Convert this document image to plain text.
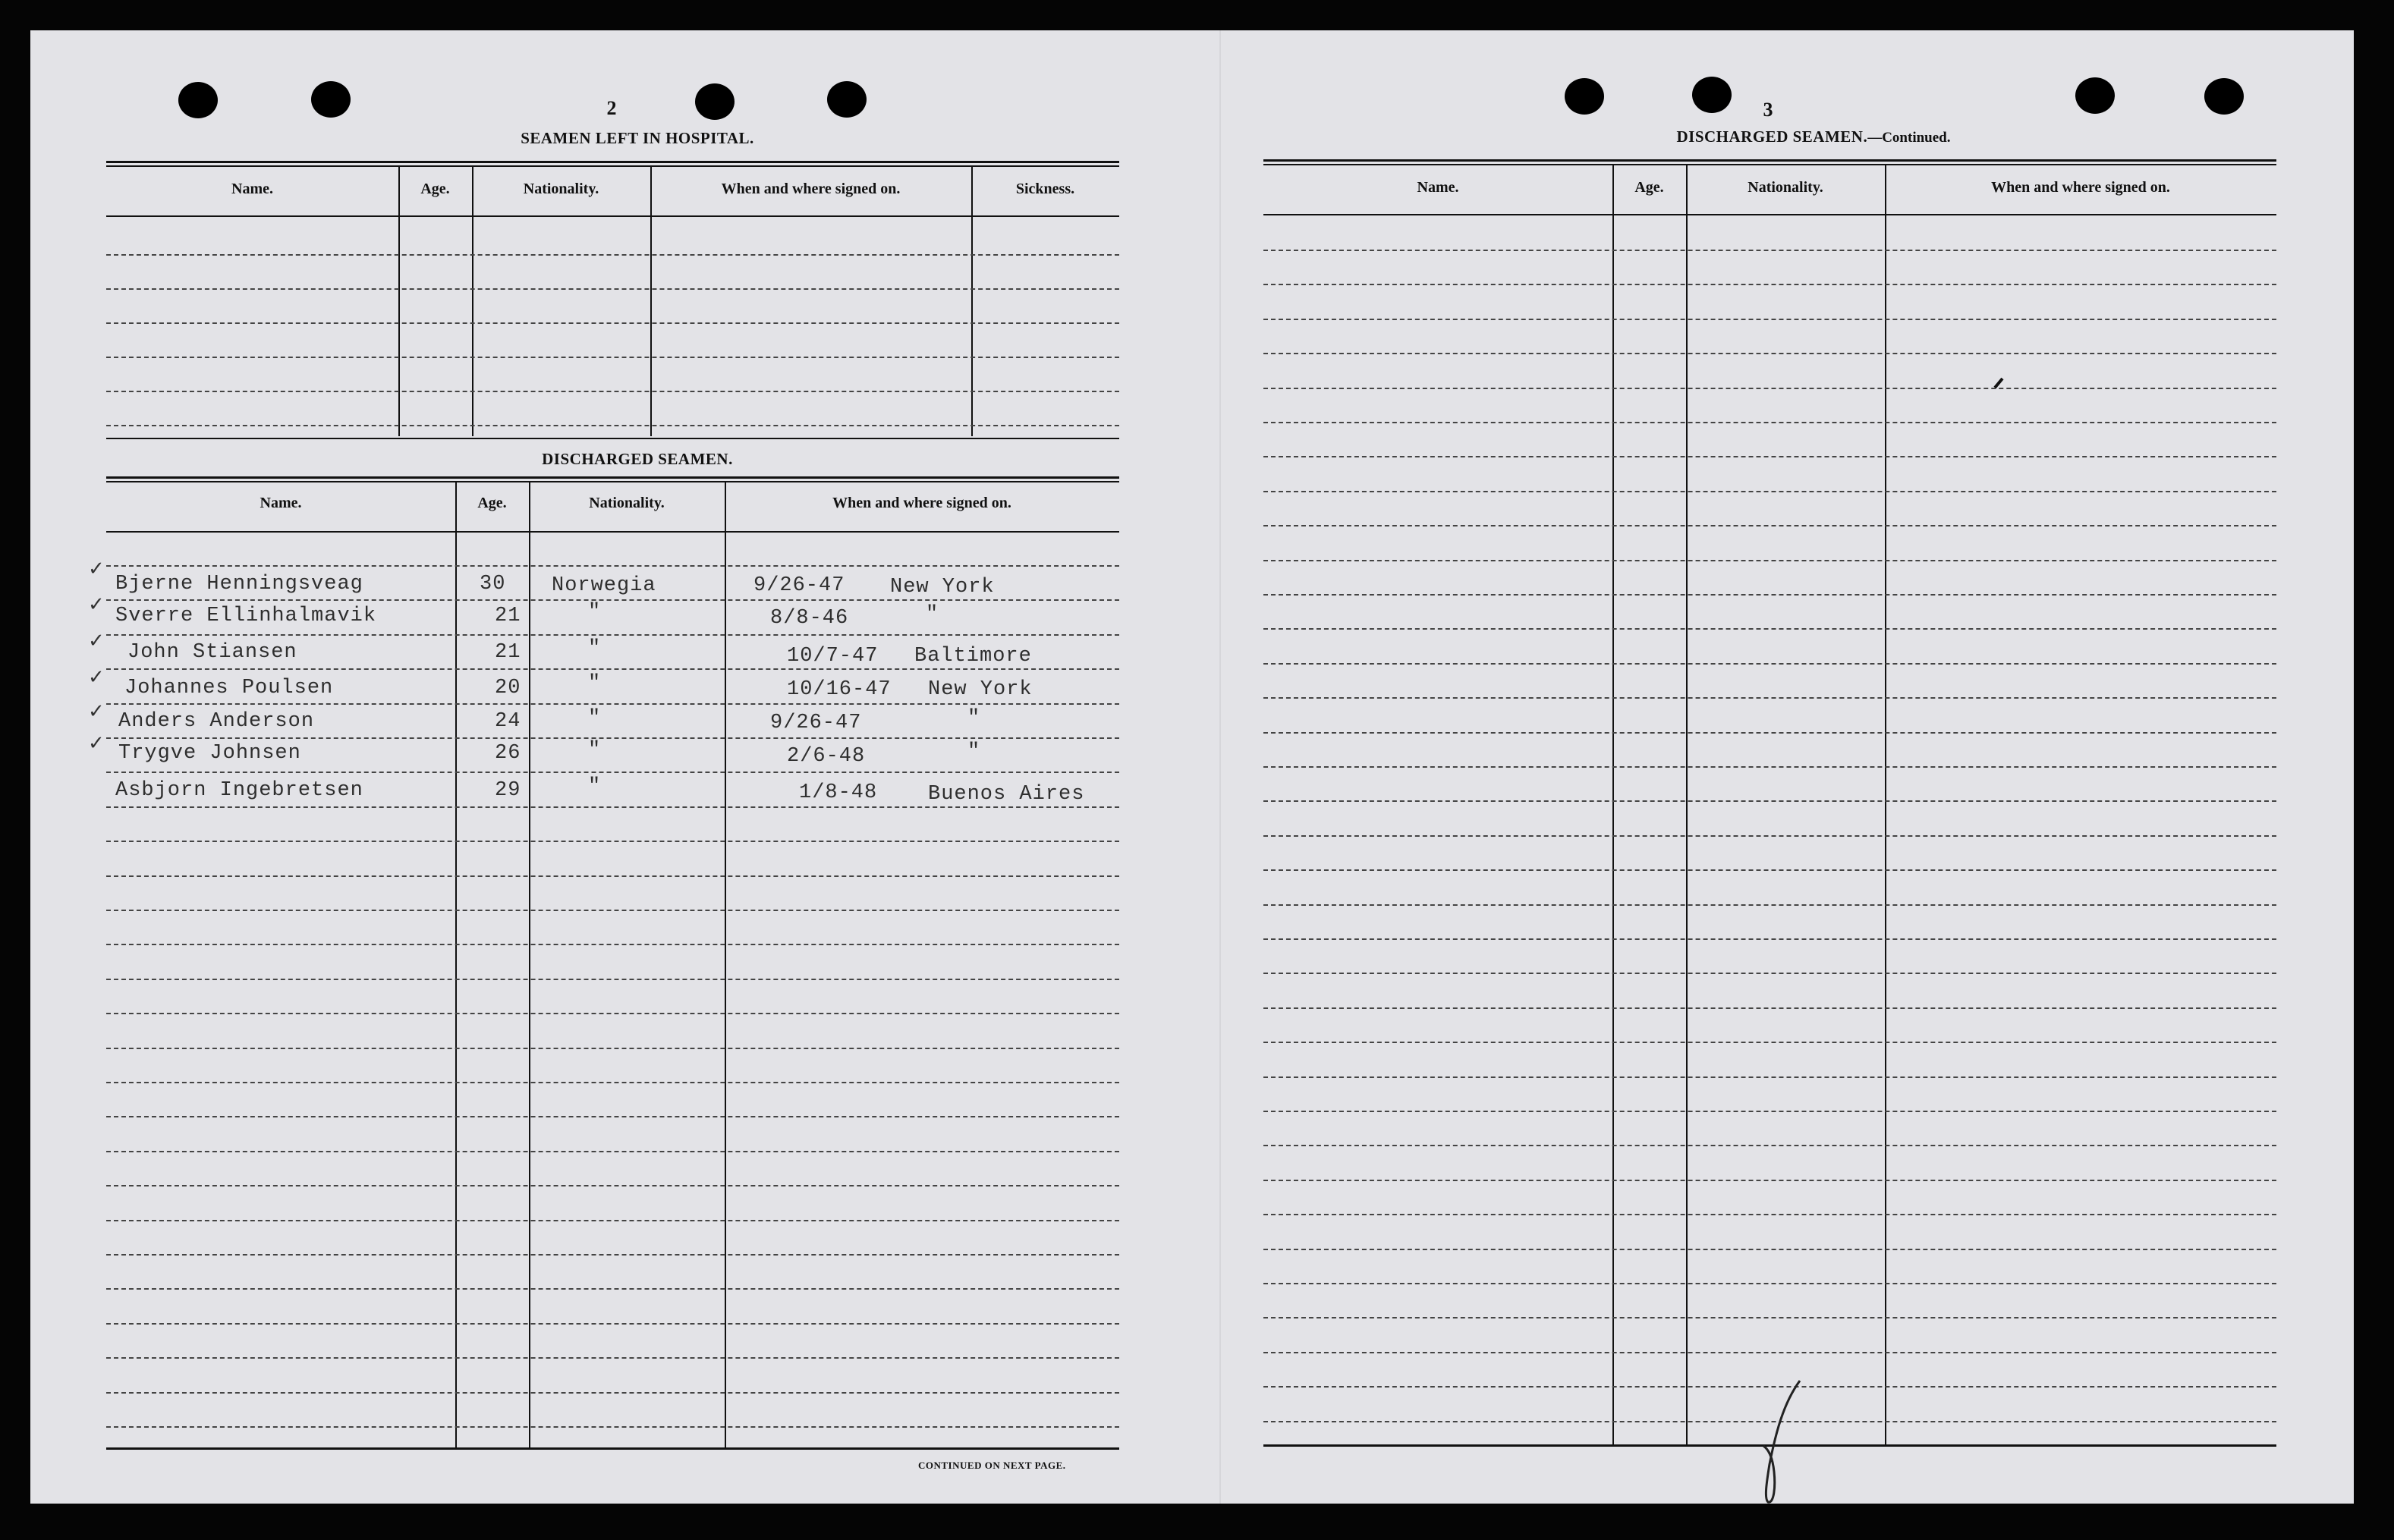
2
SEAMEN LEFT IN HOSPITAL.
Name.	Age.	Nationality.	When and where signed on.	Sickness.
DISCHARGED SEAMEN.
Name.	Age.	Nationality.	When and where signed on.
CONTINUED ON NEXT PAGE.
✓
✓
✓
✓
✓
✓
Bjerne Henningsveag	30 Norwegia	9/26-47 New York
Sverre Ellinhalmavik	21	"	8/8-46	"
John Stiansen	21	"	10/7-47 Baltimore
Johannes Poulsen	20	"	10/16-47 New York
Anders Anderson	24	"	9/26-47	"
Trygve Johnsen	26	"	2/6-48	"
Asbjorn Ingebretsen	29	"	1/8-48 Buenos Aires
3
DISCHARGED SEAMEN.—Continued.
Name.	Age.	Nationality.	When and where signed on.
